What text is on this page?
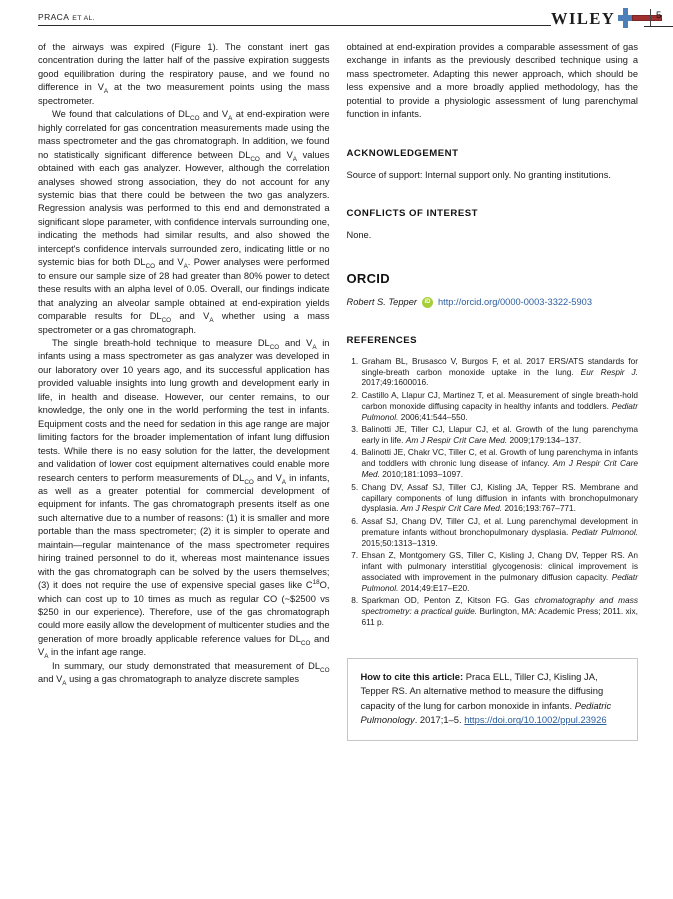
PRACA ET AL.	WILEY	5

of the airways was expired (Figure 1). The constant inert gas concentration during the latter half of the passive expiration suggests good equilibration during the respiratory pause, and we found no difference in $V_A$ at the two measurement points using the mass spectrometer.

We found that calculations of $DL_{CO}$ and $V_A$ at end-expiration were highly correlated for gas concentration measurements made using the mass spectrometer and the gas chromatograph. In addition, we found no statistically significant difference between $DL_{CO}$ and $V_A$ values obtained with each gas analyzer. However, although the correlation analyses showed strong association, they do not account for any systemic bias that there could be between the two gas analyzers. Regression analysis was performed to this end and demonstrated a significant slope parameter, with confidence intervals surrounding one, indicating the methods had similar results, and also showed the intercept's confidence intervals surrounded zero, indicating little or no systemic bias for both $DL_{CO}$ and $V_A$. Power analyses were performed to ensure our sample size of 28 had greater than 80% power to detect these results with an alpha level of 0.05. Overall, our findings indicate that analyzing an alveolar sample obtained at end-expiration yields comparable results for $DL_{CO}$ and $V_A$ whether using a mass spectrometer or a gas chromatograph.

The single breath-hold technique to measure $DL_{CO}$ and $V_A$ in infants using a mass spectrometer as gas analyzer was developed in our laboratory over 10 years ago, and its successful application has provided valuable insights into lung growth and development early in life, in health and disease. However, our center remains, to our knowledge, the only one in the world performing the test in infants. Equipment costs and the need for sedation in this age range are major limiting factors for the broader implementation of infant lung diffusion tests. While there is no easy solution for the latter, the development and validation of lower cost equipment alternatives could enable more research centers to perform measurements of $DL_{CO}$ and $V_A$ in infants, as well as a greater potential for commercial development of equipment for infants. The gas chromatograph presents itself as one such alternative due to a number of reasons: (1) it is smaller and more portable than the mass spectrometer; (2) it is simpler to operate and maintain—regular maintenance of the mass spectrometer requires hiring trained personnel to do it, whereas most maintenance issues with the gas chromatograph can be solved by the users themselves; (3) it does not require the use of expensive special gases like $C^{18}O$, which can cost up to 10 times as much as regular CO (~$2500 vs $250 in our experience). Therefore, use of the gas chromatograph could more easily allow the development of multicenter studies and the generation of more broadly applicable reference values for $DL_{CO}$ and $V_A$ in the infant age range.

In summary, our study demonstrated that measurement of $DL_{CO}$ and $V_A$ using a gas chromatograph to analyze discrete samples

obtained at end-expiration provides a comparable assessment of gas exchange in infants as the previously described technique using a mass spectrometer. Adapting this newer approach, which should be less expensive and a more broadly applied methodology, has the potential to provide a physiologic assessment of lung parenchymal function in infants.

ACKNOWLEDGEMENT

Source of support: Internal support only. No granting institutions.

CONFLICTS OF INTEREST

None.

ORCID

Robert S. Tepper	iD http://orcid.org/0000-0003-3322-5903

REFERENCES
1. Graham BL, Brusasco V, Burgos F, et al. 2017 ERS/ATS standards for single-breath carbon monoxide uptake in the lung. Eur Respir J. 2017;49:1600016.
2. Castillo A, Llapur CJ, Martinez T, et al. Measurement of single breath-hold carbon monoxide diffusing capacity in healthy infants and toddlers. Pediatr Pulmonol. 2006;41:544–550.
3. Balinotti JE, Tiller CJ, Llapur CJ, et al. Growth of the lung parenchyma early in life. Am J Respir Crit Care Med. 2009;179:134–137.
4. Balinotti JE, Chakr VC, Tiller C, et al. Growth of lung parenchyma in infants and toddlers with chronic lung disease of infancy. Am J Respir Crit Care Med. 2010;181:1093–1097.
5. Chang DV, Assaf SJ, Tiller CJ, Kisling JA, Tepper RS. Membrane and capillary components of lung diffusion in infants with bronchopulmonary dysplasia. Am J Respir Crit Care Med. 2016;193:767–771.
6. Assaf SJ, Chang DV, Tiller CJ, et al. Lung parenchymal development in premature infants without bronchopulmonary dysplasia. Pediatr Pulmonol. 2015;50:1313–1319.
7. Ehsan Z, Montgomery GS, Tiller C, Kisling J, Chang DV, Tepper RS. An infant with pulmonary interstitial glycogenosis: clinical improvement is associated with improvement in the pulmonary diffusion capacity. Pediatr Pulmonol. 2014;49:E17–E20.
8. Sparkman OD, Penton Z, Kitson FG. Gas chromatography and mass spectrometry: a practical guide. Burlington, MA: Academic Press; 2011. xix, 611 p.

How to cite this article: Praca ELL, Tiller CJ, Kisling JA, Tepper RS. An alternative method to measure the diffusing capacity of the lung for carbon monoxide in infants. Pediatric Pulmonology. 2017;1–5. https://doi.org/10.1002/ppul.23926
